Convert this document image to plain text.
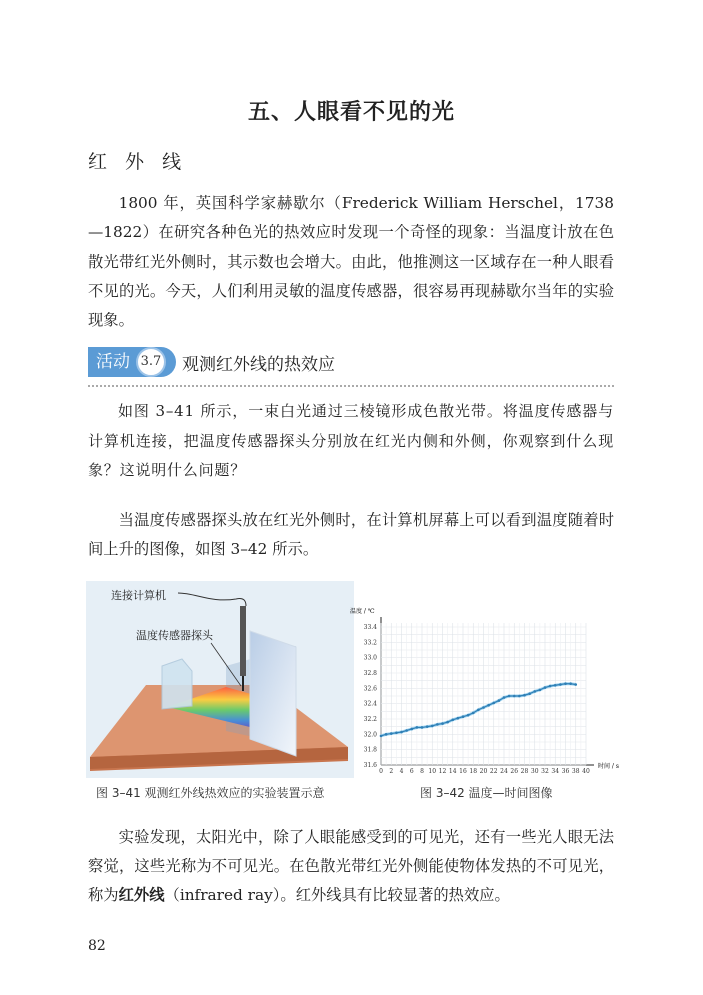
五、人眼看不见的光
红 外 线

1800 年，英国科学家赫歇尔（Frederick William Herschel，1738—1822）在研究各种色光的热效应时发现一个奇怪的现象：当温度计放在色散光带红光外侧时，其示数也会增大。由此，他推测这一区域存在一种人眼看不见的光。今天，人们利用灵敏的温度传感器，很容易再现赫歇尔当年的实验现象。

活动 3.7 观测红外线的热效应

如图 3–41 所示，一束白光通过三棱镜形成色散光带。将温度传感器与计算机连接，把温度传感器探头分别放在红光内侧和外侧，你观察到什么现象？这说明什么问题？

当温度传感器探头放在红光外侧时，在计算机屏幕上可以看到温度随着时间上升的图像，如图 3–42 所示。

连接计算机
温度传感器探头
温度 / ℃
时间 / s
31.6
31.8
32.0
32.2
32.4
32.6
32.8
33.0
33.2
33.4
0 2 4 6 8 10 12 14 16 18 20 22 24 26 28 30 32 34 36 38 40
图 3–41 观测红外线热效应的实验装置示意	图 3–42 温度—时间图像

实验发现，太阳光中，除了人眼能感受到的可见光，还有一些光人眼无法察觉，这些光称为不可见光。在色散光带红光外侧能使物体发热的不可见光，称为红外线（infrared ray）。红外线具有比较显著的热效应。

82
